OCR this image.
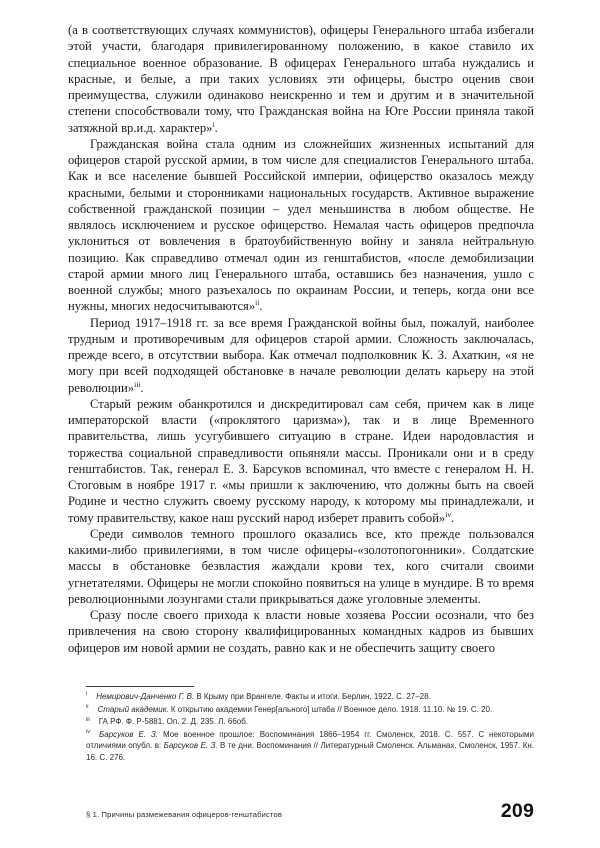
(а в соответствующих случаях коммунистов), офицеры Генерального штаба избегали этой участи, благодаря привилегированному положению, в какое ставило их специальное военное образование. В офицерах Генерального штаба нуждались и красные, и белые, а при таких условиях эти офицеры, быстро оценив свои преимущества, служили одинаково неискренно и тем и другим и в значительной степени способствовали тому, что Гражданская война на Юге России приняла такой затяжной вр.и.д. характер»$^i$.

Гражданская война стала одним из сложнейших жизненных испытаний для офицеров старой русской армии, в том числе для специалистов Генерального штаба. Как и все население бывшей Российской империи, офицерство оказалось между красными, белыми и сторонниками национальных государств. Активное выражение собственной гражданской позиции – удел меньшинства в любом обществе. Не являлось исключением и русское офицерство. Немалая часть офицеров предпочла уклониться от вовлечения в братоубийственную войну и заняла нейтральную позицию. Как справедливо отмечал один из генштабистов, «после демобилизации старой армии много лиц Генерального штаба, оставшись без назначения, ушло с военной службы; много разъехалось по окраинам России, и теперь, когда они все нужны, многих недосчитываются»$^{ii}$.

Период 1917–1918 гг. за все время Гражданской войны был, пожалуй, наиболее трудным и противоречивым для офицеров старой армии. Сложность заключалась, прежде всего, в отсутствии выбора. Как отмечал подполковник К. З. Ахаткин, «я не могу при всей подходящей обстановке в начале революции делать карьеру на этой революции»$^{iii}$.

Старый режим обанкротился и дискредитировал сам себя, причем как в лице императорской власти («проклятого царизма»), так и в лице Временного правительства, лишь усугубившего ситуацию в стране. Идеи народовластия и торжества социальной справедливости опьяняли массы. Проникали они и в среду генштабистов. Так, генерал Е. З. Барсуков вспоминал, что вместе с генералом Н. Н. Стоговым в ноябре 1917 г. «мы пришли к заключению, что должны быть на своей Родине и честно служить своему русскому народу, к которому мы принадлежали, и тому правительству, какое наш русский народ изберет править собой»$^{iv}$.

Среди символов темного прошлого оказались все, кто прежде пользовался какими-либо привилегиями, в том числе офицеры-«золотопогонники». Солдатские массы в обстановке безвластия жаждали крови тех, кого считали своими угнетателями. Офицеры не могли спокойно появиться на улице в мундире. В то время революционными лозунгами стали прикрываться даже уголовные элементы.

Сразу после своего прихода к власти новые хозяева России осознали, что без привлечения на свою сторону квалифицированных командных кадров из бывших офицеров им новой армии не создать, равно как и не обеспечить защиту своего

$^i$ Немирович-Данченко Г. В. В Крыму при Врангеле. Факты и итоги. Берлин, 1922. С. 27–28.

$^{ii}$ Старый академик. К открытию академии Генер[ального] штаба // Военное дело. 1918. 11.10. № 19. С. 20.

$^{iii}$ ГА РФ. Ф. Р-5881. Оп. 2. Д. 235. Л. 66об.

$^{iv}$ Барсуков Е. З. Мое военное прошлое: Воспоминания 1866–1954 гг. Смоленск, 2018. С. 557. С некоторыми отличиями опубл. в: Барсуков Е. З. В те дни. Воспоминания // Литературный Смоленск. Альманах. Смоленск, 1957. Кн. 16. С. 276.

§ 1. Причины размежевания офицеров-генштабистов	209
